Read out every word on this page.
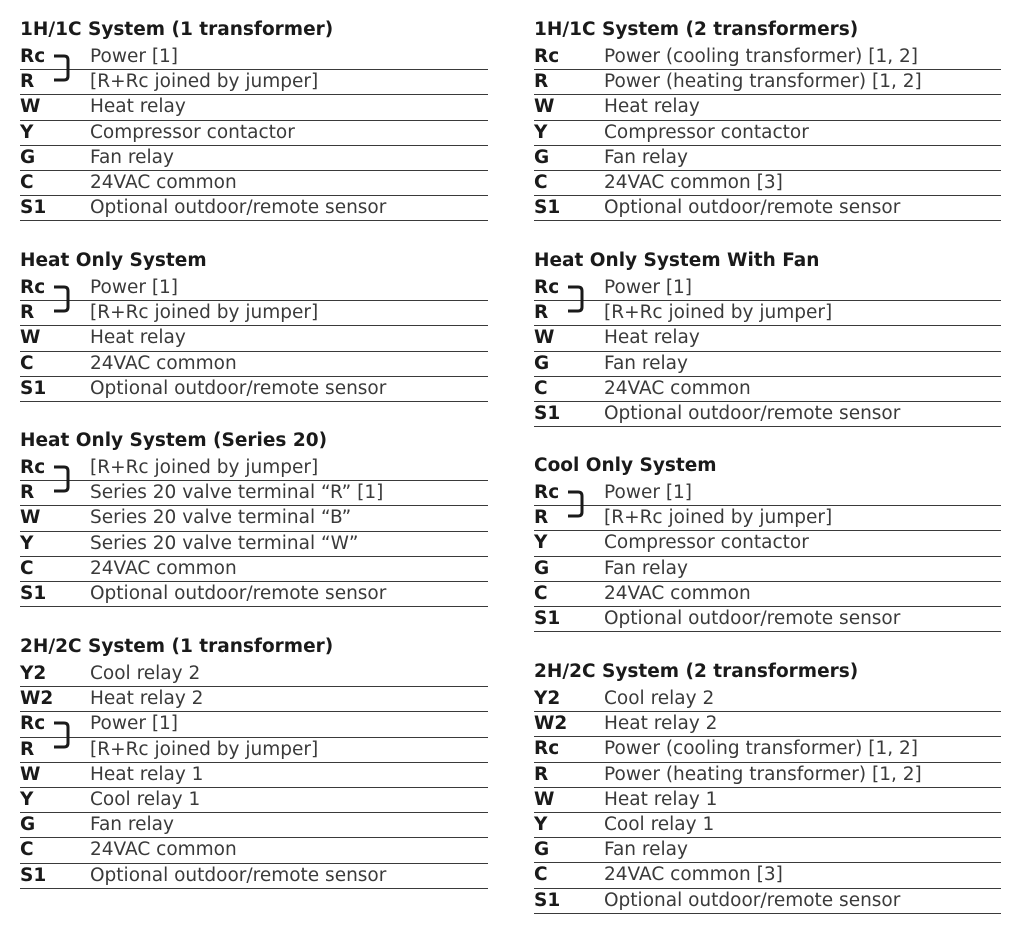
1H/1C System (1 transformer)
Rc Power [1]
R	[R+Rc joined by jumper]
W	Heat relay
Y	Compressor contactor
G	Fan relay
C	24VAC common
S1 Optional outdoor/remote sensor
Heat Only System
Rc Power [1]
R	[R+Rc joined by jumper]
W	Heat relay
C	24VAC common
S1 Optional outdoor/remote sensor
Heat Only System (Series 20)
Rc [R+Rc joined by jumper]
R	Series 20 valve terminal “R” [1]
W	Series 20 valve terminal “B”
Y	Series 20 valve terminal “W”
C	24VAC common
S1 Optional outdoor/remote sensor
2H/2C System (1 transformer)
Y2 Cool relay 2
W2 Heat relay 2
Rc Power [1]
R	[R+Rc joined by jumper]
W	Heat relay 1
Y	Cool relay 1
G	Fan relay
C	24VAC common
S1 Optional outdoor/remote sensor
1H/1C System (2 transformers)
Rc Power (cooling transformer) [1, 2]
R	Power (heating transformer) [1, 2]
W	Heat relay
Y	Compressor contactor
G	Fan relay
C	24VAC common [3]
S1 Optional outdoor/remote sensor
Heat Only System With Fan
Rc Power [1]
R	[R+Rc joined by jumper]
W	Heat relay
G	Fan relay
C	24VAC common
S1 Optional outdoor/remote sensor
Cool Only System
Rc Power [1]
R	[R+Rc joined by jumper]
Y	Compressor contactor
G	Fan relay
C	24VAC common
S1 Optional outdoor/remote sensor
2H/2C System (2 transformers)
Y2 Cool relay 2
W2 Heat relay 2
Rc Power (cooling transformer) [1, 2]
R	Power (heating transformer) [1, 2]
W	Heat relay 1
Y	Cool relay 1
G	Fan relay
C	24VAC common [3]
S1 Optional outdoor/remote sensor
